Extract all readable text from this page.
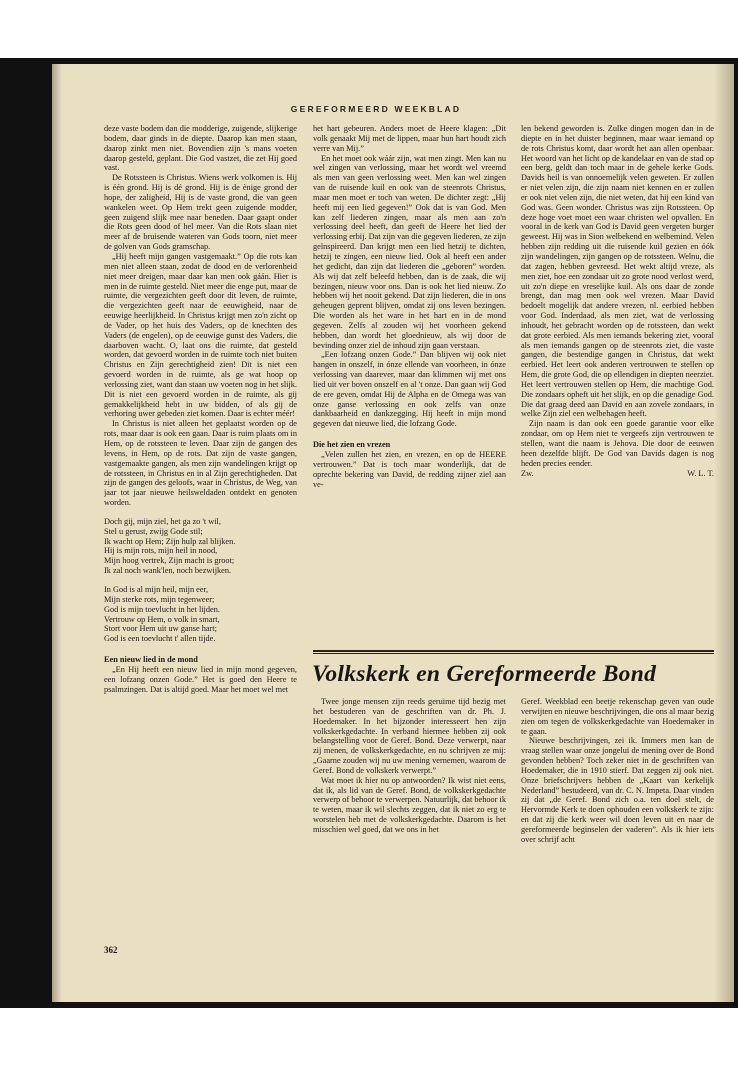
GEREFORMEERD WEEKBLAD

deze vaste bodem dan die modderige, zuigende, slijkerige bodem, daar ginds in de diepte. Daarop kan men staan, daarop zinkt men niet. Bovendien zijn 's mans voeten daarop gesteld, geplant. Die God vastzet, die zet Hij goed vast.

De Rotssteen is Christus. Wiens werk volkomen is. Hij is één grond. Hij is dé grond. Hij is de ènige grond der hope, der zaligheid, Hij is de vaste grond, die van geen wankelen weet. Op Hem trekt geen zuigende modder, geen zuigend slijk mee naar beneden. Daar gaapt onder die Rots geen dood of hel meer. Van die Rots slaan niet meer af de bruisende wateren van Gods toorn, niet meer de golven van Gods gramschap.

„Hij heeft mijn gangen vastgemaakt.” Op die rots kan men niet alleen staan, zodat de dood en de verlorenheid niet meer dreigen, maar daar kan men ook gáán. Hier is men in de ruimte gesteld. Niet meer die enge put, maar de ruimte, die vergezichten geeft door dit leven, de ruimte, die vergezichten geeft naar de eeuwigheid, naar de eeuwige heerlijkheid. In Christus krijgt men zo'n zicht op de Vader, op het huis des Vaders, op de knechten des Vaders (de engelen), op de eeuwige gunst des Vaders, die daarboven wacht. O, laat ons die ruimte, dat gesteld worden, dat gevoerd worden in de ruimte toch niet buiten Christus en Zijn gerechtigheid zien! Dit is niet een gevoerd worden in de ruimte, als ge wat hoop op verlossing ziet, want dan staan uw voeten nog in het slijk. Dit is niet een gevoerd worden in de ruimte, als gij gemakkelijkheid hebt in uw bidden, of als gij de verhoring uwer gebeden ziet komen. Daar is echter méér!

In Christus is niet alleen het geplaatst worden op de rots, maar daar is ook een gaan. Daar is ruim plaats om in Hem, op de rotssteen te leven. Daar zijn de gangen des levens, in Hem, op de rots. Dat zijn de vaste gangen, vastgemaakte gangen, als men zijn wandelingen krijgt op de rotssteen, in Christus en in al Zijn gerechtigheden. Dat zijn de gangen des geloofs, waar in Christus, de Weg, van jaar tot jaar nieuwe heilsweldaden ontdekt en genoten worden.

Doch gij, mijn ziel, het ga zo 't wil,

Stel u gerust, zwijg Gode stil;

Ik wacht op Hem; Zijn hulp zal blijken.

Hij is mijn rots, mijn heil in nood,

Mijn hoog vertrek, Zijn macht is groot;

Ik zal noch wank'len, noch bezwijken.

In God is al mijn heil, mijn eer,

Mijn sterke rots, mijn tegenweer;

God is mijn toevlucht in het lijden.

Vertrouw op Hem, o volk in smart,

Stort voor Hem uit uw ganse hart;

God is een toevlucht t' allen tijde.

Een nieuw lied in de mond

„En Hij heeft een nieuw lied in mijn mond gegeven, een lofzang onzen Gode.” Het is goed den Heere te psalmzingen. Dat is altijd goed. Maar het moet wel met

het hart gebeuren. Anders moet de Heere klagen: „Dit volk genaakt Mij met de lippen, maar hun hart houdt zich verre van Mij.”

En het moet ook wáár zijn, wat men zingt. Men kan nu wel zingen van verlossing, maar het wordt wel vreemd als men van geen verlossing weet. Men kan wel zingen van de ruisende kuil en ook van de steenrots Christus, maar men moet er toch van weten. De dichter zegt: „Hij heeft mij een lied gegeven!” Ook dat is van God. Men kan zelf liederen zingen, maar als men aan zo'n verlossing deel heeft, dan geeft de Heere het lied der verlossing erbij. Dat zijn van die gegeven liederen, ze zijn geïnspireerd. Dan krijgt men een lied hetzij te dichten, hetzij te zingen, een nieuw lied. Ook al heeft een ander het gedicht, dan zijn dat liederen die „geboren” worden. Als wij dat zelf beleefd hebben, dan is de zaak, die wij bezingen, nieuw voor ons. Dan is ook het lied nieuw. Zo hebben wij het nooit gekend. Dat zijn liederen, die in ons geheugen geprent blijven, omdat zij ons leven bezingen. Die worden als het ware in het hart en in de mond gegeven. Zelfs al zouden wij het voorheen gekend hebben, dan wordt het gloednieuw, als wij door de bevinding onzer ziel de inhoud zijn gaan verstaan.

„Een lofzang onzen Gode.” Dan blijven wij ook niet hangen in onszelf, in ónze ellende van voorheen, in ónze verlossing van daarever, maar dan klimmen wij met ons lied uit ver boven onszelf en al 't onze. Dan gaan wij God de ere geven, omdat Hij de Alpha en de Omega was van onze ganse verlossing en ook zelfs van onze dankbaarheid en dankzegging. Hij heeft in mijn mond gegeven dat nieuwe lied, die lofzang Gode.

Die het zien en vrezen

„Velen zullen het zien, en vrezen, en op de HEERE vertrouwen.” Dat is toch maar wonderlijk, dat de oprechte bekering van David, de redding zijner ziel aan ve-

len bekend geworden is. Zulke dingen mogen dan in de diepte en in het duister beginnen, maar waar iemand op de rots Christus komt, daar wordt het aan allen openbaar. Het woord van het licht op de kandelaar en van de stad op een berg, geldt dan toch maar in de gehele kerke Gods. Davids heil is van onnoemelijk velen geweten. Er zullen er niet velen zijn, die zijn naam niet kennen en er zullen er ook niet velen zijn, die niet weten, dat hij een kind van God was. Geen wonder. Christus was zijn Rotssteen. Op deze hoge voet moet een waar christen wel opvallen. En vooral in de kerk van God is David geen vergeten burger geweest. Hij was in Sion welbekend en welbemind. Velen hebben zijn redding uit die ruisende kuil gezien en óók zijn wandelingen, zijn gangen op de rotssteen. Welnu, die dat zagen, hebben gevreesd. Het wekt altijd vreze, als men ziet, hoe een zondaar uit zo grote nood verlost werd, uit zo'n diepe en vreselijke kuil. Als ons daar de zonde brengt, dan mag men ook wel vrezen. Maar David bedoelt mogelijk dat andere vrezen, nl. eerbied hebben voor God. Inderdaad, als men ziet, wat de verlossing inhoudt, het gebracht worden op de rotssteen, dan wekt dat grote eerbied. Als men iemands bekering ziet, vooral als men iemands gangen op de steenrots ziet, die vaste gangen, die bestendige gangen in Christus, dat wekt eerbied. Het leert ook anderen vertrouwen te stellen op Hem, die grote God, die op ellendigen in diepten neerziet. Het leert vertrouwen stellen op Hem, die machtige God. Die zondaars opheft uit het slijk, en op die genadige God. Die dat graag deed aan David en aan zovele zondaars, in welke Zijn ziel een welbehagen heeft.

Zijn naam is dan ook een goede garantie voor elke zondaar, om op Hem niet te vergeefs zijn vertrouwen te stellen, want die naam is Jehova. Die door de eeuwen heen dezelfde blijft. De God van Davids dagen is nog heden precies eender.

Zw.	W. L. T.
Volkskerk en Gereformeerde Bond

Twee jonge mensen zijn reeds geruime tijd bezig met het bestuderen van de geschriften van dr. Ph. J. Hoedemaker. In het bijzonder interesseert hen zijn volkskerkgedachte. In verband hiermee hebben zij ook belangstelling voor de Geref. Bond. Deze verwerpt, naar zij menen, de volkskerkgedachte, en nu schrijven ze mij: „Gaarne zouden wij nu uw mening vernemen, waarom de Geref. Bond de volkskerk verwerpt.”

Wat moet ik hier nu op antwoorden? Ik wist niet eens, dat ik, als lid van de Geref. Bond, de volkskerkgedachte verwerp of behoor te verwerpen. Natuurlijk, dat behoor ik te weten, maar ik wil slechts zeggen, dat ik niet zo erg te worstelen heb met de volkskerkgedachte. Daarom is het misschien wel goed, dat we ons in het

Geref. Weekblad een beetje rekenschap geven van oude verwijten en nieuwe beschrijvingen, die ons al maar bezig zien om tegen de volkskerkgedachte van Hoedemaker in te gaan.

Nieuwe beschrijvingen, zei ik. Immers men kan de vraag stellen waar onze jongelui de mening over de Bond gevonden hebben? Toch zeker niet in de geschriften van Hoedemaker, die in 1910 stierf. Dat zeggen zij ook niet. Onze briefschrijvers hebben de „Kaart van kerkelijk Nederland” bestudeerd, van dr. C. N. Impeta. Daar vinden zij dat „de Geref. Bond zich o.a. ten doel stelt, de Hervormde Kerk te doen ophouden een volkskerk te zijn: en dat zij die kerk weer wil doen leven uit en naar de gereformeerde beginselen der vaderen”. Als ik hier iets over schrijf acht

362
